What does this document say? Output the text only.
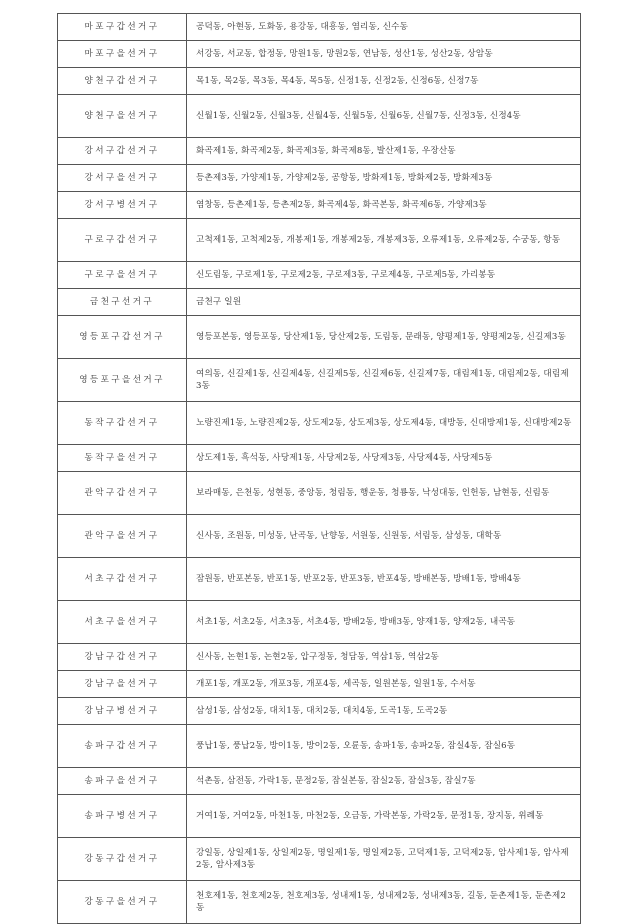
마포구갑선거구	공덕동, 아현동, 도화동, 용강동, 대흥동, 염리동, 신수동
마포구을선거구	서강동, 서교동, 합정동, 망원1동, 망원2동, 연남동, 성산1동, 성산2동, 상암동
양천구갑선거구	목1동, 목2동, 목3동, 목4동, 목5동, 신정1동, 신정2동, 신정6동, 신정7동
양천구을선거구	신월1동, 신월2동, 신월3동, 신월4동, 신월5동, 신월6동, 신월7동, 신정3동, 신정4동
강서구갑선거구	화곡제1동, 화곡제2동, 화곡제3동, 화곡제8동, 발산제1동, 우장산동
강서구을선거구	등촌제3동, 가양제1동, 가양제2동, 공항동, 방화제1동, 방화제2동, 방화제3동
강서구병선거구	염창동, 등촌제1동, 등촌제2동, 화곡제4동, 화곡본동, 화곡제6동, 가양제3동
구로구갑선거구	고척제1동, 고척제2동, 개봉제1동, 개봉제2동, 개봉제3동, 오류제1동, 오류제2동, 수궁동, 항동
구로구을선거구	신도림동, 구로제1동, 구로제2동, 구로제3동, 구로제4동, 구로제5동, 가리봉동
금천구선거구	금천구 일원
영등포구갑선거구	영등포본동, 영등포동, 당산제1동, 당산제2동, 도림동, 문래동, 양평제1동, 양평제2동, 신길제3동
영등포구을선거구	여의동, 신길제1동, 신길제4동, 신길제5동, 신길제6동, 신길제7동, 대림제1동, 대림제2동, 대림제3동
동작구갑선거구	노량진제1동, 노량진제2동, 상도제2동, 상도제3동, 상도제4동, 대방동, 신대방제1동, 신대방제2동
동작구을선거구	상도제1동, 흑석동, 사당제1동, 사당제2동, 사당제3동, 사당제4동, 사당제5동
관악구갑선거구	보라매동, 은천동, 성현동, 중앙동, 청림동, 행운동, 청룡동, 낙성대동, 인헌동, 남현동, 신림동
관악구을선거구	신사동, 조원동, 미성동, 난곡동, 난향동, 서원동, 신원동, 서림동, 삼성동, 대학동
서초구갑선거구	잠원동, 반포본동, 반포1동, 반포2동, 반포3동, 반포4동, 방배본동, 방배1동, 방배4동
서초구을선거구	서초1동, 서초2동, 서초3동, 서초4동, 방배2동, 방배3동, 양재1동, 양재2동, 내곡동
강남구갑선거구	신사동, 논현1동, 논현2동, 압구정동, 청담동, 역삼1동, 역삼2동
강남구을선거구	개포1동, 개포2동, 개포3동, 개포4동, 세곡동, 일원본동, 일원1동, 수서동
강남구병선거구	삼성1동, 삼성2동, 대치1동, 대치2동, 대치4동, 도곡1동, 도곡2동
송파구갑선거구	풍납1동, 풍납2동, 방이1동, 방이2동, 오륜동, 송파1동, 송파2동, 잠실4동, 잠실6동
송파구을선거구	석촌동, 삼전동, 가락1동, 문정2동, 잠실본동, 잠실2동, 잠실3동, 잠실7동
송파구병선거구	거여1동, 거여2동, 마천1동, 마천2동, 오금동, 가락본동, 가락2동, 문정1동, 장지동, 위례동
강동구갑선거구	강일동, 상일제1동, 상일제2동, 명일제1동, 명일제2동, 고덕제1동, 고덕제2동, 암사제1동, 암사제2동, 암사제3동
강동구을선거구	천호제1동, 천호제2동, 천호제3동, 성내제1동, 성내제2동, 성내제3동, 길동, 둔촌제1동, 둔촌제2동
